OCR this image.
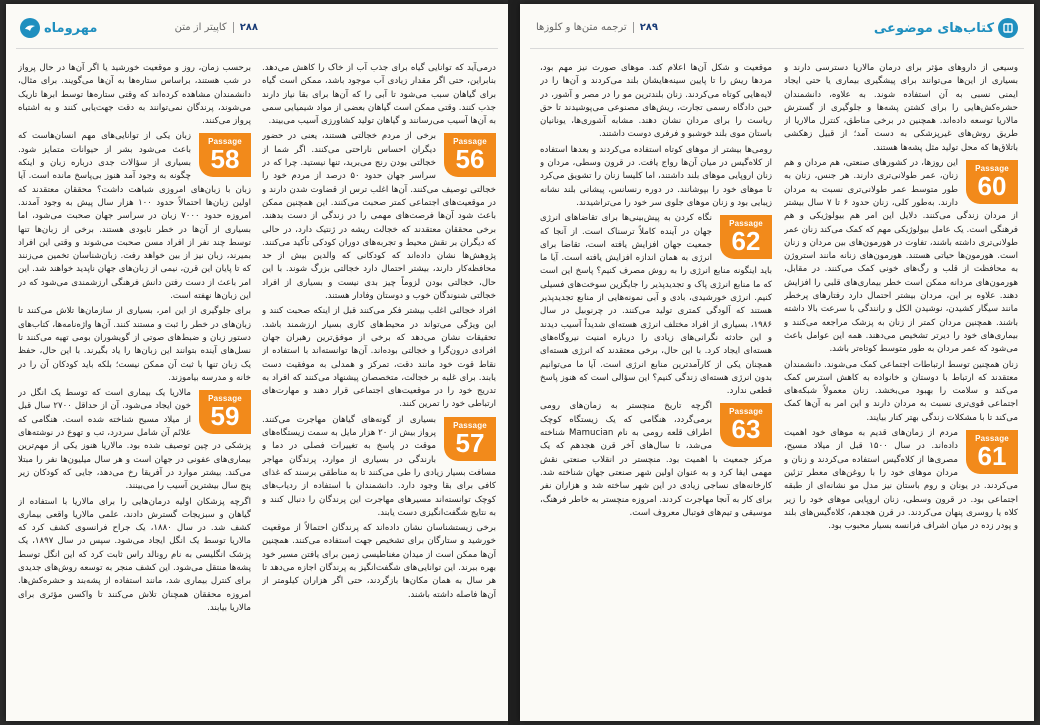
مهروماه	۲۸۸
کاپیتر از متن

برحسب زمان، روز و موقعیت خورشید یا اگر آن‌ها در حال پرواز در شب هستند، براساس ستاره‌ها به آن‌ها می‌گویند. برای مثال، دانشمندان مشاهده کرده‌اند که وقتی ستاره‌ها توسط ابرها تاریک می‌شوند، پرندگان نمی‌توانند به دقت جهت‌یابی کنند و به اشتباه پرواز می‌کنند.

Passage
58

زبان یکی از توانایی‌های مهم انسان‌هاست که باعث می‌شود بشر از حیوانات متمایز شود. بسیاری از سؤالات جدی درباره زبان و اینکه چگونه به وجود آمد هنوز بی‌پاسخ مانده است. آیا زبان با زبان‌های امروزی شباهت داشت؟ محققان معتقدند که اولین زبان‌ها احتمالاً حدود ۱۰۰ هزار سال پیش به وجود آمدند. امروزه حدود ۷۰۰۰ زبان در سراسر جهان صحبت می‌شود، اما بسیاری از آن‌ها در خطر نابودی هستند. برخی از زبان‌ها تنها توسط چند نفر از افراد مسن صحبت می‌شوند و وقتی این افراد بمیرند، زبان نیز از بین خواهد رفت. زبان‌شناسان تخمین می‌زنند که تا پایان این قرن، نیمی از زبان‌های جهان ناپدید خواهند شد. این امر باعث از دست رفتن دانش فرهنگی ارزشمندی می‌شود که در این زبان‌ها نهفته است.

برای جلوگیری از این امر، بسیاری از سازمان‌ها تلاش می‌کنند تا زبان‌های در خطر را ثبت و مستند کنند. آن‌ها واژه‌نامه‌ها، کتاب‌های دستور زبان و ضبط‌های صوتی از گویشوران بومی تهیه می‌کنند تا نسل‌های آینده بتوانند این زبان‌ها را یاد بگیرند. با این حال، حفظ یک زبان تنها با ثبت آن ممکن نیست؛ بلکه باید کودکان آن را در خانه و مدرسه بیاموزند.

Passage
59

مالاریا یک بیماری است که توسط یک انگل در خون ایجاد می‌شود. آن از حداقل ۲۷۰۰ سال قبل از میلاد مسیح شناخته شده است. هنگامی که علائم آن شامل سردرد، تب و تهوع در نوشته‌های پزشکی در چین توصیف شده بود. مالاریا هنوز یکی از مهم‌ترین بیماری‌های عفونی در جهان است و هر سال میلیون‌ها نفر را مبتلا می‌کند. بیشتر موارد در آفریقا رخ می‌دهد، جایی که کودکان زیر پنج سال بیشترین آسیب را می‌بینند.

اگرچه پزشکان اولیه درمان‌هایی را برای مالاریا با استفاده از گیاهان و سبزیجات گسترش دادند، علمی مالاریا واقعی بیماری کشف شد. در سال ۱۸۸۰، یک جراح فرانسوی کشف کرد که مالاریا توسط یک انگل ایجاد می‌شود. سپس در سال ۱۸۹۷، یک پزشک انگلیسی به نام رونالد راس ثابت کرد که این انگل توسط پشه‌ها منتقل می‌شود. این کشف منجر به توسعه روش‌های جدیدی برای کنترل بیماری شد، مانند استفاده از پشه‌بند و حشره‌کش‌ها. امروزه محققان همچنان تلاش می‌کنند تا واکسن مؤثری برای مالاریا بیابند.

درمی‌آید که توانایی گیاه برای جذب آب از خاک را کاهش می‌دهد. بنابراین، حتی اگر مقدار زیادی آب موجود باشد، ممکن است گیاه برای گیاهان سبب می‌شود تا آبی را که آن‌ها برای بقا نیاز دارند جذب کنند. وقتی ممکن است گیاهان بعضی از مواد شیمیایی سمی به آن‌ها آسیب می‌رسانند و گیاهان تولید کشاورزی آسیب می‌بیند.

Passage
56

برخی از مردم خجالتی هستند، یعنی در حضور دیگران احساس ناراحتی می‌کنند. اگر شما از خجالتی بودن رنج می‌برید، تنها نیستید. چرا که در سراسر جهان حدود ۵۰ درصد از مردم خود را خجالتی توصیف می‌کنند. آن‌ها اغلب ترس از قضاوت شدن دارند و در موقعیت‌های اجتماعی کمتر صحبت می‌کنند. این همچنین ممکن باعث شود آن‌ها فرصت‌های مهمی را در زندگی از دست بدهند. برخی محققان معتقدند که خجالت ریشه در ژنتیک دارد، در حالی که دیگران بر نقش محیط و تجربه‌های دوران کودکی تأکید می‌کنند. پژوهش‌ها نشان داده‌اند که کودکانی که والدین بیش از حد محافظه‌کار دارند، بیشتر احتمال دارد خجالتی بزرگ شوند. با این حال، خجالتی بودن لزوماً چیز بدی نیست و بسیاری از افراد خجالتی شنوندگان خوب و دوستان وفادار هستند.

افراد خجالتی اغلب بیشتر فکر می‌کنند قبل از اینکه صحبت کنند و این ویژگی می‌تواند در محیط‌های کاری بسیار ارزشمند باشد. تحقیقات نشان می‌دهد که برخی از موفق‌ترین رهبران جهان افرادی درون‌گرا و خجالتی بوده‌اند. آن‌ها توانسته‌اند با استفاده از نقاط قوت خود مانند دقت، تمرکز و همدلی به موفقیت دست یابند. برای غلبه بر خجالت، متخصصان پیشنهاد می‌کنند که افراد به تدریج خود را در موقعیت‌های اجتماعی قرار دهند و مهارت‌های ارتباطی خود را تمرین کنند.

Passage
57

بسیاری از گونه‌های گیاهان مهاجرت می‌کنند. پرواز بیش از ۲۰ هزار مایل به سمت زیستگاه‌های موقت در پاسخ به تغییرات فصلی در دما و بارندگی در بسیاری از موارد، پرندگان مهاجر مسافت بسیار زیادی را طی می‌کنند تا به مناطقی برسند که غذای کافی برای بقا وجود دارد. دانشمندان با استفاده از ردیاب‌های کوچک توانسته‌اند مسیرهای مهاجرت این پرندگان را دنبال کنند و به نتایج شگفت‌انگیزی دست یابند.

برخی زیستشناسان نشان داده‌اند که پرندگان احتمالاً از موقعیت خورشید و ستارگان برای تشخیص جهت استفاده می‌کنند. همچنین آن‌ها ممکن است از میدان مغناطیسی زمین برای یافتن مسیر خود بهره ببرند. این توانایی‌های شگفت‌انگیز به پرندگان اجازه می‌دهد تا هر سال به همان مکان‌ها بازگردند، حتی اگر هزاران کیلومتر از آن‌ها فاصله داشته باشند.

۲۸۹
ترجمه متن‌ها و کلوزها	کتاب‌های موضوعی

موقعیت و شکل آن‌ها اعلام کند. موهای صورت نیز مهم بود، مردها ریش را تا پایین سینه‌هایشان بلند می‌کردند و آن‌ها را در لایه‌هایی کوتاه می‌کردند. زنان بلندترین مو را در مصر و آشور، در حین دادگاه رسمی تجارت، ریش‌های مصنوعی می‌پوشیدند تا حق ریاست را برای مردان نشان دهند. مشابه آشوری‌ها، یونانیان باستان موی بلند خوشبو و فرفری دوست داشتند.

رومی‌ها بیشتر از موهای کوتاه استفاده می‌کردند و بعدها استفاده از کلاه‌گیس در میان آن‌ها رواج یافت. در قرون وسطی، مردان و زنان اروپایی موهای بلند داشتند، اما کلیسا زنان را تشویق می‌کرد تا موهای خود را بپوشانند. در دوره رنسانس، پیشانی بلند نشانه زیبایی بود و زنان موهای جلوی سر خود را می‌تراشیدند.

Passage
62

نگاه کردن به پیش‌بینی‌ها برای تقاضاهای انرژی جهان در آینده کاملاً ترسناک است. از آنجا که جمعیت جهان افزایش یافته است، تقاضا برای انرژی به همان اندازه افزایش یافته است. آیا ما باید اینگونه منابع انرژی را به روش مصرف کنیم؟ پاسخ این است که ما منابع انرژی پاک و تجدیدپذیر را جایگزین سوخت‌های فسیلی کنیم. انرژی خورشیدی، بادی و آبی نمونه‌هایی از منابع تجدیدپذیر هستند که آلودگی کمتری تولید می‌کنند. در چرنوبیل در سال ۱۹۸۶، بسیاری از افراد مختلف انرژی هسته‌ای شدیداً آسیب دیدند و این حادثه نگرانی‌های زیادی را درباره امنیت نیروگاه‌های هسته‌ای ایجاد کرد. با این حال، برخی معتقدند که انرژی هسته‌ای همچنان یکی از کارآمدترین منابع انرژی است. آیا ما می‌توانیم بدون انرژی هسته‌ای زندگی کنیم؟ این سؤالی است که هنوز پاسخ قطعی ندارد.

Passage
63

اگرچه تاریخ منچستر به زمان‌های رومی برمی‌گردد، هنگامی که یک زیستگاه کوچک اطراف قلعه رومی به نام Mamucian شناخته می‌شد، تا سال‌های آخر قرن هجدهم که یک مرکز جمعیت با اهمیت بود. منچستر در انقلاب صنعتی نقش مهمی ایفا کرد و به عنوان اولین شهر صنعتی جهان شناخته شد. کارخانه‌های نساجی زیادی در این شهر ساخته شد و هزاران نفر برای کار به آنجا مهاجرت کردند. امروزه منچستر به خاطر فرهنگ، موسیقی و تیم‌های فوتبال معروف است.

وسیعی از داروهای مؤثر برای درمان مالاریا دسترسی دارند و بسیاری از این‌ها می‌توانند برای پیشگیری بیماری یا حتی ایجاد ایمنی نسبی به آن استفاده شوند. به علاوه، دانشمندان حشره‌کش‌هایی را برای کشتن پشه‌ها و جلوگیری از گسترش مالاریا توسعه داده‌اند. همچنین در برخی مناطق، کنترل مالاریا از طریق روش‌های غیرپزشکی به دست آمد؛ از قبیل زهکشی باتلاق‌ها که محل تولید مثل پشه‌ها هستند.

Passage
60

این روزها، در کشورهای صنعتی، هم مردان و هم زنان، عمر طولانی‌تری دارند. هر جنس، زنان به طور متوسط عمر طولانی‌تری نسبت به مردان دارند. به‌طور کلی، زنان حدود ۶ تا ۷ سال بیشتر از مردان زندگی می‌کنند. دلایل این امر هم بیولوژیکی و هم فرهنگی است. یک عامل بیولوژیکی مهم که کمک می‌کند زنان عمر طولانی‌تری داشته باشند، تفاوت در هورمون‌های بین مردان و زنان است. هورمون‌ها حیاتی هستند. هورمون‌های زنانه مانند استروژن به محافظت از قلب و رگ‌های خونی کمک می‌کنند. در مقابل، هورمون‌های مردانه ممکن است خطر بیماری‌های قلبی را افزایش دهند. علاوه بر این، مردان بیشتر احتمال دارد رفتارهای پرخطر مانند سیگار کشیدن، نوشیدن الکل و رانندگی با سرعت بالا داشته باشند. همچنین مردان کمتر از زنان به پزشک مراجعه می‌کنند و بیماری‌های خود را دیرتر تشخیص می‌دهند. همه این عوامل باعث می‌شود که عمر مردان به طور متوسط کوتاه‌تر باشد.

زنان همچنین توسط ارتباطات اجتماعی کمک می‌شوند. دانشمندان معتقدند که ارتباط با دوستان و خانواده به کاهش استرس کمک می‌کند و سلامت را بهبود می‌بخشد. زنان معمولاً شبکه‌های اجتماعی قوی‌تری نسبت به مردان دارند و این امر به آن‌ها کمک می‌کند تا با مشکلات زندگی بهتر کنار بیایند.

Passage
61

مردم از زمان‌های قدیم به موهای خود اهمیت داده‌اند. در سال ۱۵۰۰ قبل از میلاد مسیح، مصری‌ها از کلاه‌گیس استفاده می‌کردند و زنان و مردان موهای خود را با روغن‌های معطر تزئین می‌کردند. در یونان و روم باستان نیز مدل مو نشانه‌ای از طبقه اجتماعی بود. در قرون وسطی، زنان اروپایی موهای خود را زیر کلاه یا روسری پنهان می‌کردند. در قرن هجدهم، کلاه‌گیس‌های بلند و پودر زده در میان اشراف فرانسه بسیار محبوب بود.
